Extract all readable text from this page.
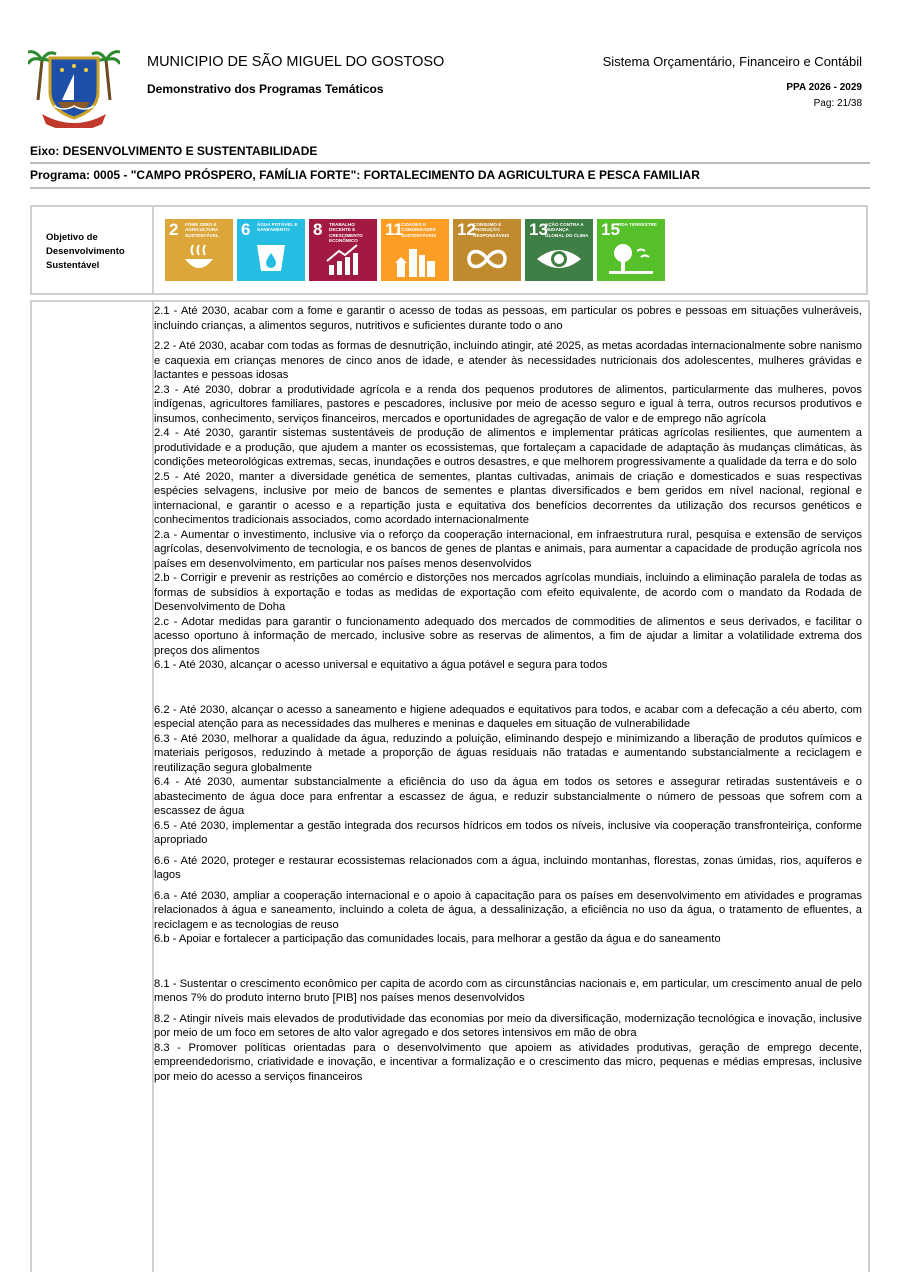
MUNICIPIO DE SÃO MIGUEL DO GOSTOSO
Demonstrativo dos Programas Temáticos
Sistema Orçamentário, Financeiro e Contábil
PPA 2026 - 2029
Pag: 21/38
Eixo: DESENVOLVIMENTO E SUSTENTABILIDADE
Programa: 0005 - "CAMPO PRÓSPERO, FAMÍLIA FORTE": FORTALECIMENTO DA AGRICULTURA E PESCA FAMILIAR
Objetivo de
Desenvolvimento
Sustentável
2 FOME ZERO E AGRICULTURA SUSTENTÁVEL	6 ÁGUA POTÁVEL E SANEAMENTO	8 TRABALHO DECENTE E CRESCIMENTO ECONÔMICO
11
CIDADES E COMUNIDADES SUSTENTÁVEIS	12
CONSUMO E PRODUÇÃO RESPONSÁVEIS	13
AÇÃO CONTRA A MUDANÇA GLOBAL DO CLIMA 15
VIDA TERRESTRE
2.1 - Até 2030, acabar com a fome e garantir o acesso de todas as pessoas, em particular os pobres e pessoas em situações vulneráveis, incluindo crianças, a alimentos seguros, nutritivos e suficientes durante todo o ano
2.2 - Até 2030, acabar com todas as formas de desnutrição, incluindo atingir, até 2025, as metas acordadas internacionalmente sobre nanismo e caquexia em crianças menores de cinco anos de idade, e atender às necessidades nutricionais dos adolescentes, mulheres grávidas e lactantes e pessoas idosas
2.3 - Até 2030, dobrar a produtividade agrícola e a renda dos pequenos produtores de alimentos, particularmente das mulheres, povos indígenas, agricultores familiares, pastores e pescadores, inclusive por meio de acesso seguro e igual à terra, outros recursos produtivos e insumos, conhecimento, serviços financeiros, mercados e oportunidades de agregação de valor e de emprego não agrícola
2.4 - Até 2030, garantir sistemas sustentáveis de produção de alimentos e implementar práticas agrícolas resilientes, que aumentem a produtividade e a produção, que ajudem a manter os ecossistemas, que fortaleçam a capacidade de adaptação às mudanças climáticas, às condições meteorológicas extremas, secas, inundações e outros desastres, e que melhorem progressivamente a qualidade da terra e do solo
2.5 - Até 2020, manter a diversidade genética de sementes, plantas cultivadas, animais de criação e domesticados e suas respectivas espécies selvagens, inclusive por meio de bancos de sementes e plantas diversificados e bem geridos em nível nacional, regional e internacional, e garantir o acesso e a repartição justa e equitativa dos benefícios decorrentes da utilização dos recursos genéticos e conhecimentos tradicionais associados, como acordado internacionalmente
2.a - Aumentar o investimento, inclusive via o reforço da cooperação internacional, em infraestrutura rural, pesquisa e extensão de serviços agrícolas, desenvolvimento de tecnologia, e os bancos de genes de plantas e animais, para aumentar a capacidade de produção agrícola nos países em desenvolvimento, em particular nos países menos desenvolvidos
2.b - Corrigir e prevenir as restrições ao comércio e distorções nos mercados agrícolas mundiais, incluindo a eliminação paralela de todas as formas de subsídios à exportação e todas as medidas de exportação com efeito equivalente, de acordo com o mandato da Rodada de Desenvolvimento de Doha
2.c - Adotar medidas para garantir o funcionamento adequado dos mercados de commodities de alimentos e seus derivados, e facilitar o acesso oportuno à informação de mercado, inclusive sobre as reservas de alimentos, a fim de ajudar a limitar a volatilidade extrema dos preços dos alimentos
6.1 - Até 2030, alcançar o acesso universal e equitativo a água potável e segura para todos
6.2 - Até 2030, alcançar o acesso a saneamento e higiene adequados e equitativos para todos, e acabar com a defecação a céu aberto, com especial atenção para as necessidades das mulheres e meninas e daqueles em situação de vulnerabilidade
6.3 - Até 2030, melhorar a qualidade da água, reduzindo a poluição, eliminando despejo e minimizando a liberação de produtos químicos e materiais perigosos, reduzindo à metade a proporção de águas residuais não tratadas e aumentando substancialmente a reciclagem e reutilização segura globalmente
6.4 - Até 2030, aumentar substancialmente a eficiência do uso da água em todos os setores e assegurar retiradas sustentáveis e o abastecimento de água doce para enfrentar a escassez de água, e reduzir substancialmente o número de pessoas que sofrem com a escassez de água
6.5 - Até 2030, implementar a gestão integrada dos recursos hídricos em todos os níveis, inclusive via cooperação transfronteiriça, conforme apropriado
6.6 - Até 2020, proteger e restaurar ecossistemas relacionados com a água, incluindo montanhas, florestas, zonas úmidas, rios, aquíferos e lagos
6.a - Até 2030, ampliar a cooperação internacional e o apoio à capacitação para os países em desenvolvimento em atividades e programas relacionados à água e saneamento, incluindo a coleta de água, a dessalinização, a eficiência no uso da água, o tratamento de efluentes, a reciclagem e as tecnologias de reuso
6.b - Apoiar e fortalecer a participação das comunidades locais, para melhorar a gestão da água e do saneamento
8.1 - Sustentar o crescimento econômico per capita de acordo com as circunstâncias nacionais e, em particular, um crescimento anual de pelo menos 7% do produto interno bruto [PIB] nos países menos desenvolvidos
8.2 - Atingir níveis mais elevados de produtividade das economias por meio da diversificação, modernização tecnológica e inovação, inclusive por meio de um foco em setores de alto valor agregado e dos setores intensivos em mão de obra
8.3 - Promover políticas orientadas para o desenvolvimento que apoiem as atividades produtivas, geração de emprego decente, empreendedorismo, criatividade e inovação, e incentivar a formalização e o crescimento das micro, pequenas e médias empresas, inclusive por meio do acesso a serviços financeiros
